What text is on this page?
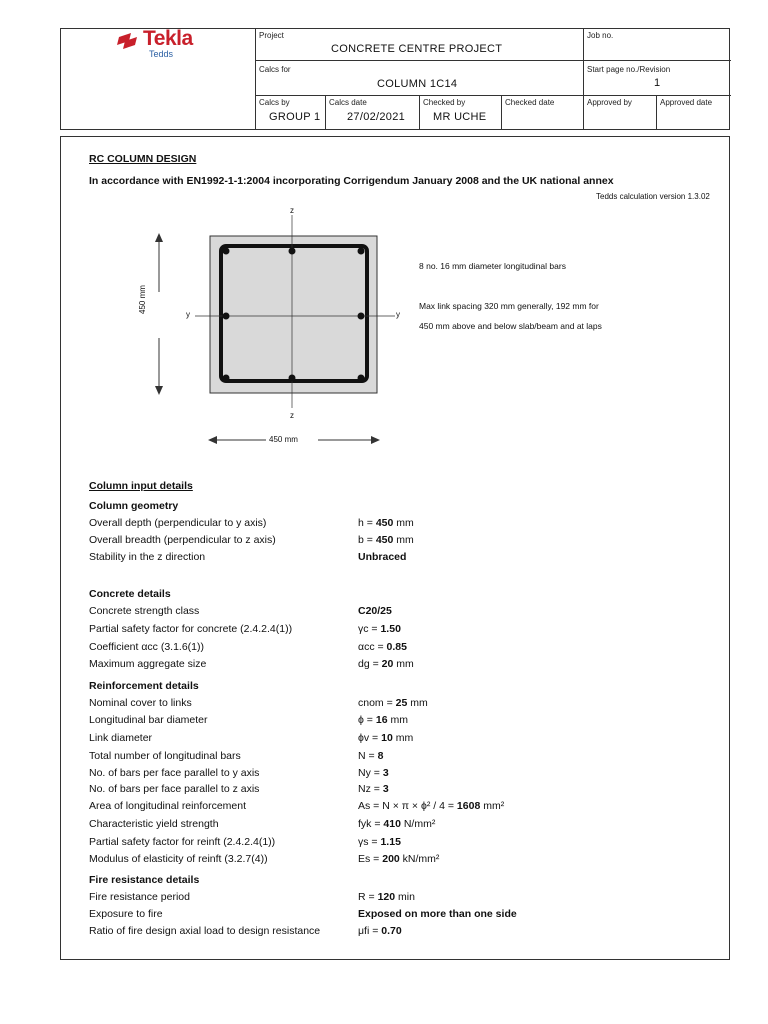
Tekla
Tedds
Project
CONCRETE CENTRE PROJECT
Job no.
Calcs for
COLUMN 1C14
Start page no./Revision
1
Calcs by
GROUP 1
Calcs date
27/02/2021
Checked by
MR UCHE
Checked date	Approved by	Approved date
RC COLUMN DESIGN
In accordance with EN1992-1-1:2004 incorporating Corrigendum January 2008 and the UK national annex
Tedds calculation version 1.3.02
z
z
y	y
450 mm
450 mm
8 no. 16 mm diameter longitudinal bars
Max link spacing 320 mm generally, 192 mm for
450 mm above and below slab/beam and at laps
Column input details
Column geometry
Overall depth (perpendicular to y axis)	h = 450 mm
Overall breadth (perpendicular to z axis)	b = 450 mm
Stability in the z direction	Unbraced
Concrete details
Concrete strength class	C20/25
Partial safety factor for concrete (2.4.2.4(1))	γc = 1.50
Coefficient αcc (3.1.6(1))	αcc = 0.85
Maximum aggregate size	dg = 20 mm
Reinforcement details
Nominal cover to links	cnom = 25 mm
Longitudinal bar diameter	ϕ = 16 mm
Link diameter	ϕv = 10 mm
Total number of longitudinal bars	N = 8
No. of bars per face parallel to y axis	Ny = 3
No. of bars per face parallel to z axis	Nz = 3
Area of longitudinal reinforcement	As = N × π × ϕ² / 4 = 1608 mm²
Characteristic yield strength	fyk = 410 N/mm²
Partial safety factor for reinft (2.4.2.4(1))	γs = 1.15
Modulus of elasticity of reinft (3.2.7(4))	Es = 200 kN/mm²
Fire resistance details
Fire resistance period	R = 120 min
Exposure to fire	Exposed on more than one side
Ratio of fire design axial load to design resistance	μfi = 0.70
